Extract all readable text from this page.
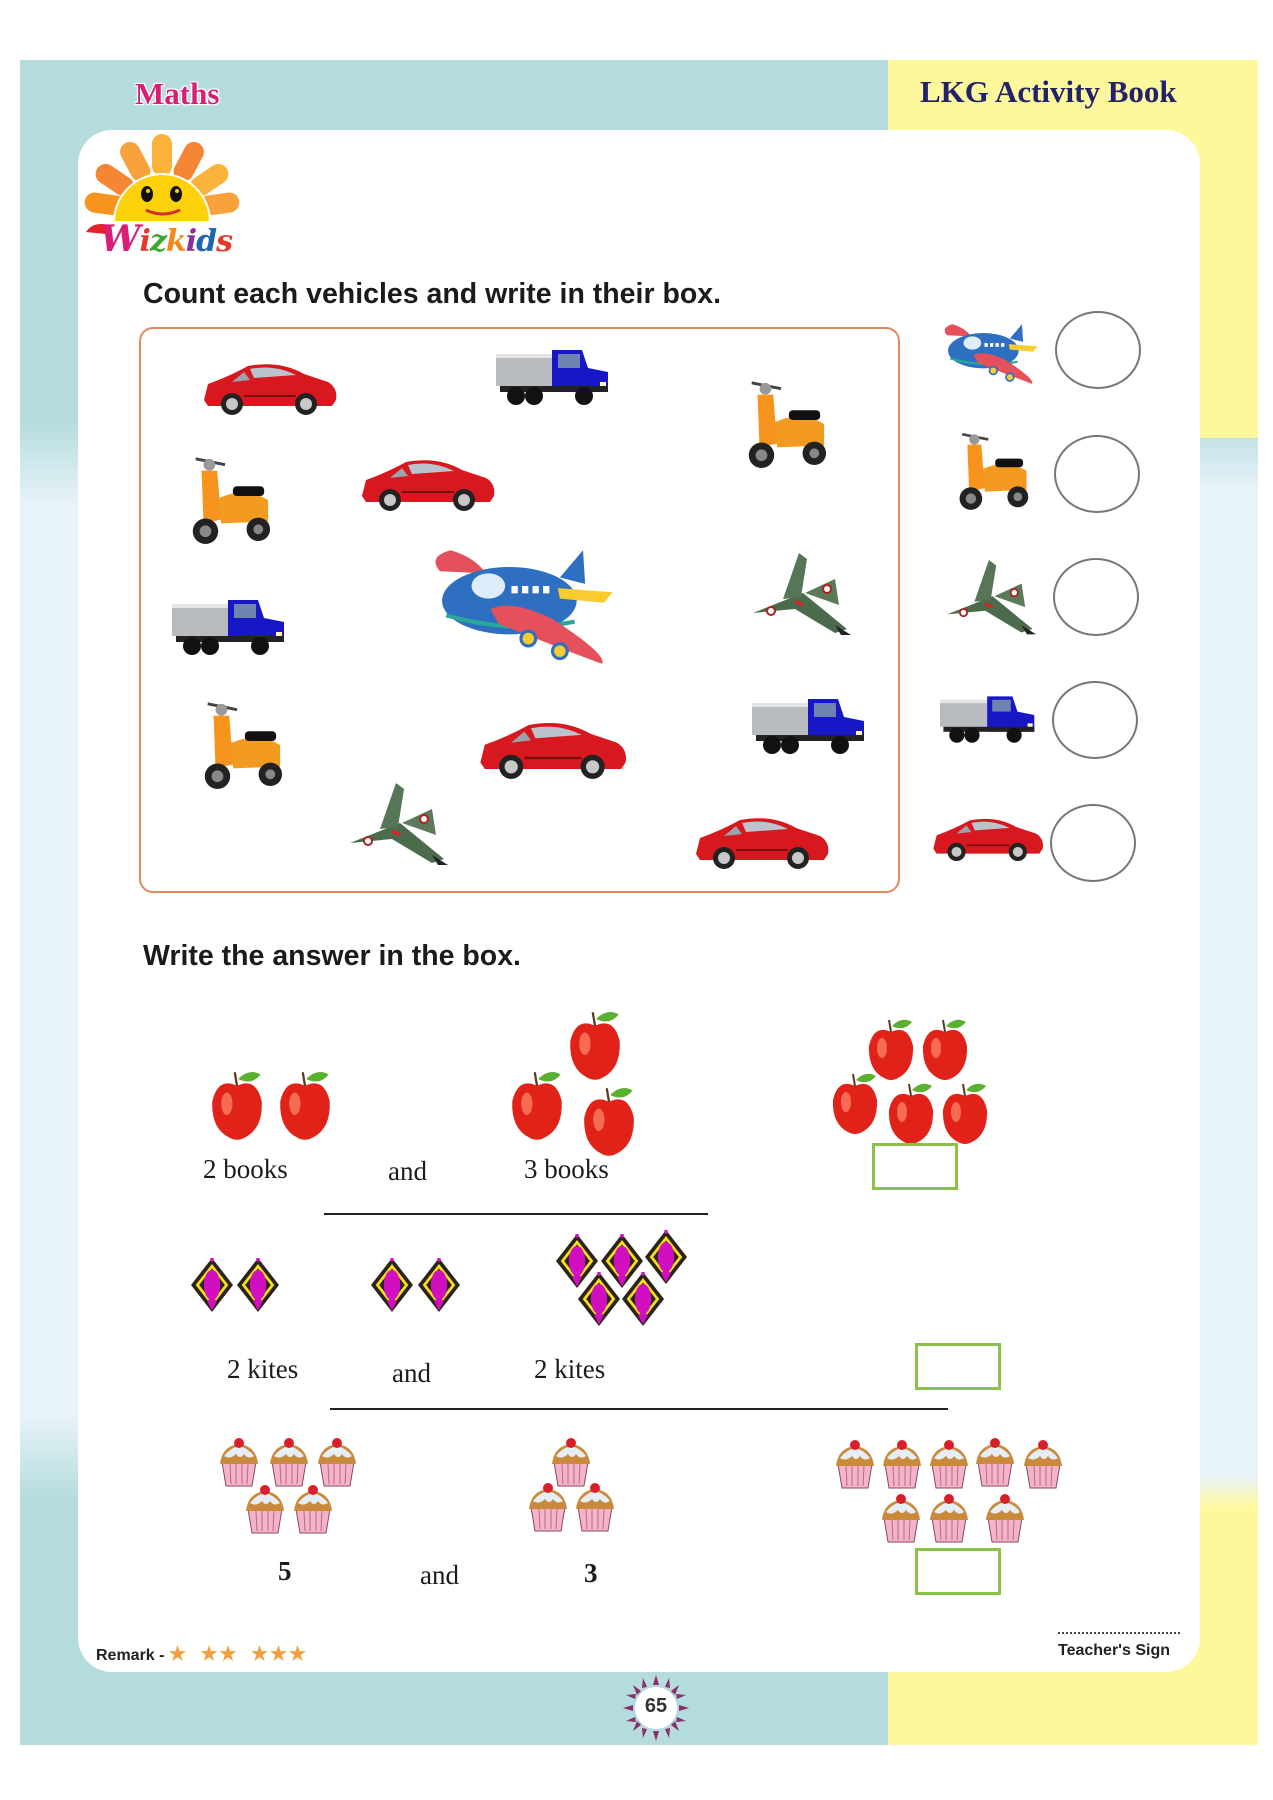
Maths	LKG Activity Book
Wizkids
Count each vehicles and write in their box.
Write the answer in the box.
2 books	and	3 books
2 kites	and	2 kites
5	and	3
Remark - ★ ★★ ★★★	Teacher's Sign
65
